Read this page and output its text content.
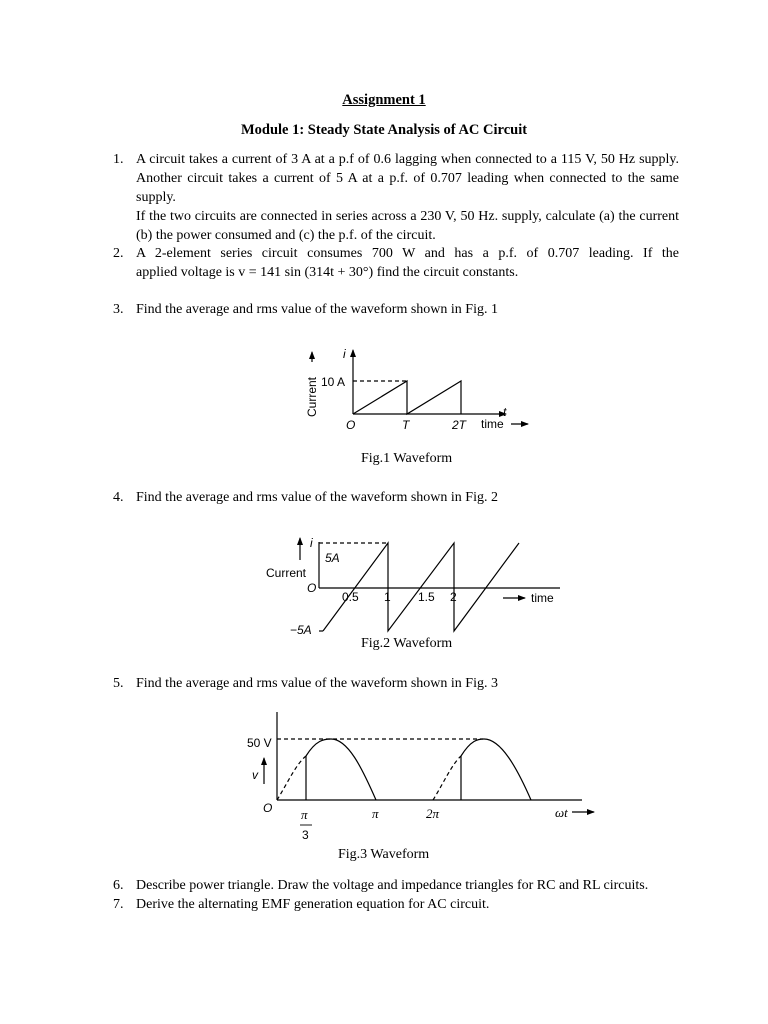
Assignment 1
Module 1: Steady State Analysis of AC Circuit
1. A circuit takes a current of 3 A at a p.f of 0.6 lagging when connected to a 115 V, 50 Hz supply.
Another circuit takes a current of 5 A at a p.f. of 0.707 leading when connected to the same supply.
If the two circuits are connected in series across a 230 V, 50 Hz. supply, calculate (a) the current
(b) the power consumed and (c) the p.f. of the circuit.
2. A 2-element series circuit consumes 700 W and has a p.f. of 0.707 leading. If the
applied voltage is v = 141 sin (314t + 30°) find the circuit constants.
3. Find the average and rms value of the waveform shown in Fig. 1
4. Find the average and rms value of the waveform shown in Fig. 2
5. Find the average and rms value of the waveform shown in Fig. 3
6. Describe power triangle. Draw the voltage and impedance triangles for RC and RL circuits.
7. Derive the alternating EMF generation equation for AC circuit.
Fig.1 Waveform
Fig.2 Waveform
Fig.3 Waveform
Current
i
10 A
t
O	T	2T time
i
5A
Current
O
0.5 1 1.5 2	time
−5A
50 V
v
O π
3
π	2π	ωt
